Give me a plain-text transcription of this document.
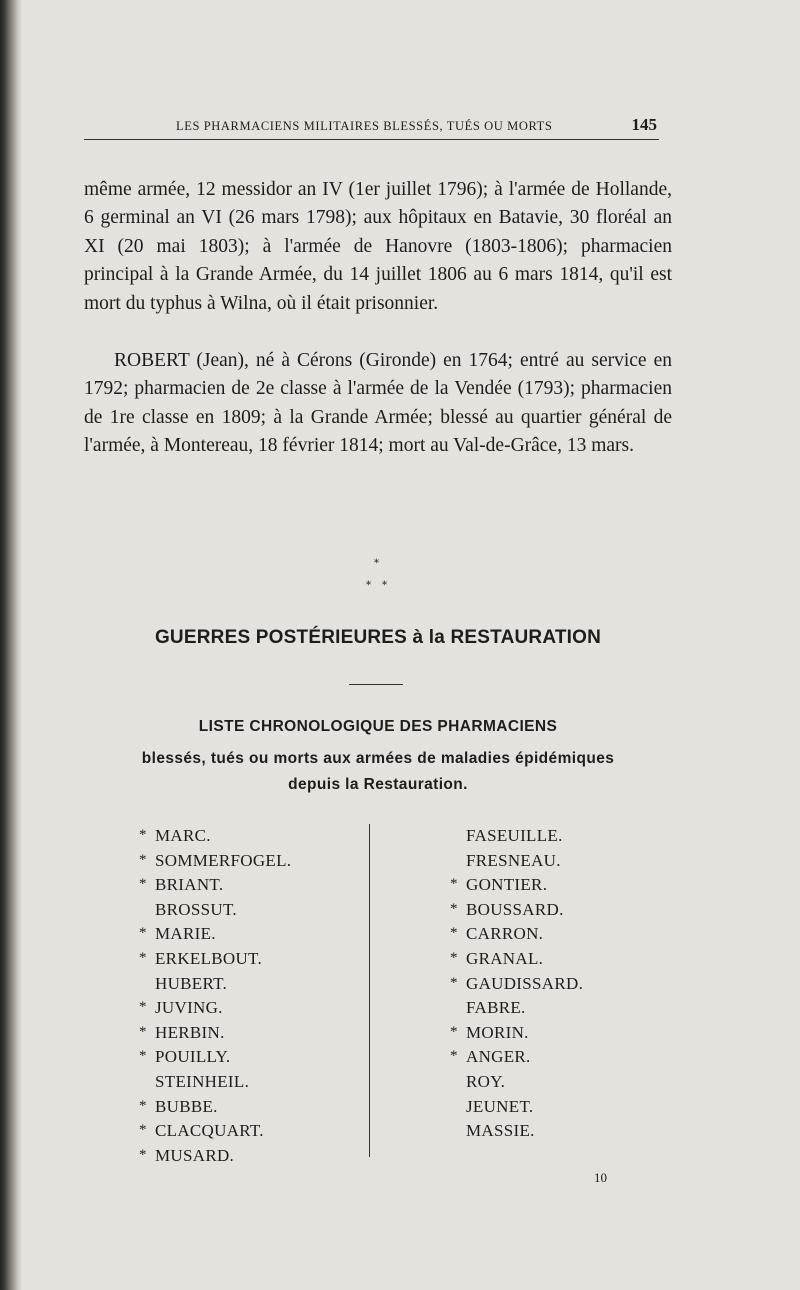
LES PHARMACIENS MILITAIRES BLESSÉS, TUÉS OU MORTS	145

même armée, 12 messidor an IV (1er juillet 1796); à l'armée de Hollande, 6 germinal an VI (26 mars 1798); aux hôpitaux en Batavie, 30 floréal an XI (20 mai 1803); à l'armée de Hanovre (1803-1806); pharmacien principal à la Grande Armée, du 14 juillet 1806 au 6 mars 1814, qu'il est mort du typhus à Wilna, où il était prisonnier.

ROBERT (Jean), né à Cérons (Gironde) en 1764; entré au service en 1792; pharmacien de 2e classe à l'armée de la Vendée (1793); pharmacien de 1re classe en 1809; à la Grande Armée; blessé au quartier général de l'armée, à Montereau, 18 février 1814; mort au Val-de-Grâce, 13 mars.

*
* *
GUERRES POSTÉRIEURES à la RESTAURATION
LISTE CHRONOLOGIQUE DES PHARMACIENS
blessés, tués ou morts aux armées de maladies épidémiques
depuis la Restauration.
* MARC.
* SOMMERFOGEL.
* BRIANT.
BROSSUT.
* MARIE.
* ERKELBOUT.
HUBERT.
* JUVING.
* HERBIN.
* POUILLY.
STEINHEIL.
* BUBBE.
* CLACQUART.
* MUSARD.
FASEUILLE.
FRESNEAU.
* GONTIER.
* BOUSSARD.
* CARRON.
* GRANAL.
* GAUDISSARD.
FABRE.
* MORIN.
* ANGER.
ROY.
JEUNET.
MASSIE.
10
